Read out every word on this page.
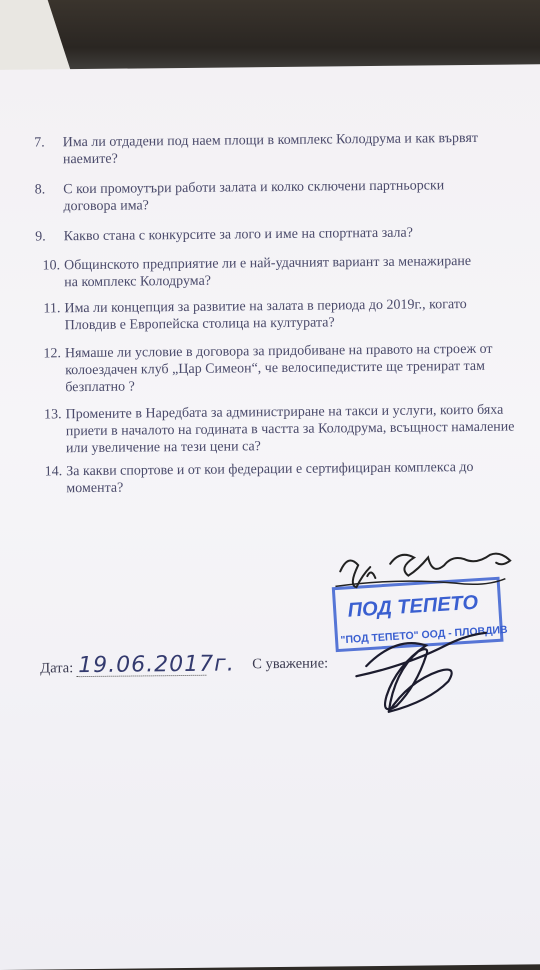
7. Има ли отдадени под наем площи в комплекс Колодрума и как вървят наемите?
8. С кои промоутъри работи залата и колко сключени партньорски договора има?
9. Какво стана с конкурсите за лого и име на спортната зала?
10. Общинското предприятие ли е най-удачният вариант за менажиране на комплекс Колодрума?
11. Има ли концепция за развитие на залата в периода до 2019г., когато Пловдив е Европейска столица на културата?
12. Нямаше ли условие в договора за придобиване на правото на строеж от колоездачен клуб „Цар Симеон“, че велосипедистите ще тренират там безплатно ?
13. Промените в Наредбата за администриране на такси и услуги, които бяха приети в началото на годината в частта за Колодрума, всъщност намаление или увеличение на тези цени са?
14. За какви спортове и от кои федерации е сертифициран комплекса до момента?
Дата: 19.06.2017г. С уважение:
ПОД ТЕПЕТО
"ПОД ТЕПЕТО" ООД - ПЛОВДИВ
